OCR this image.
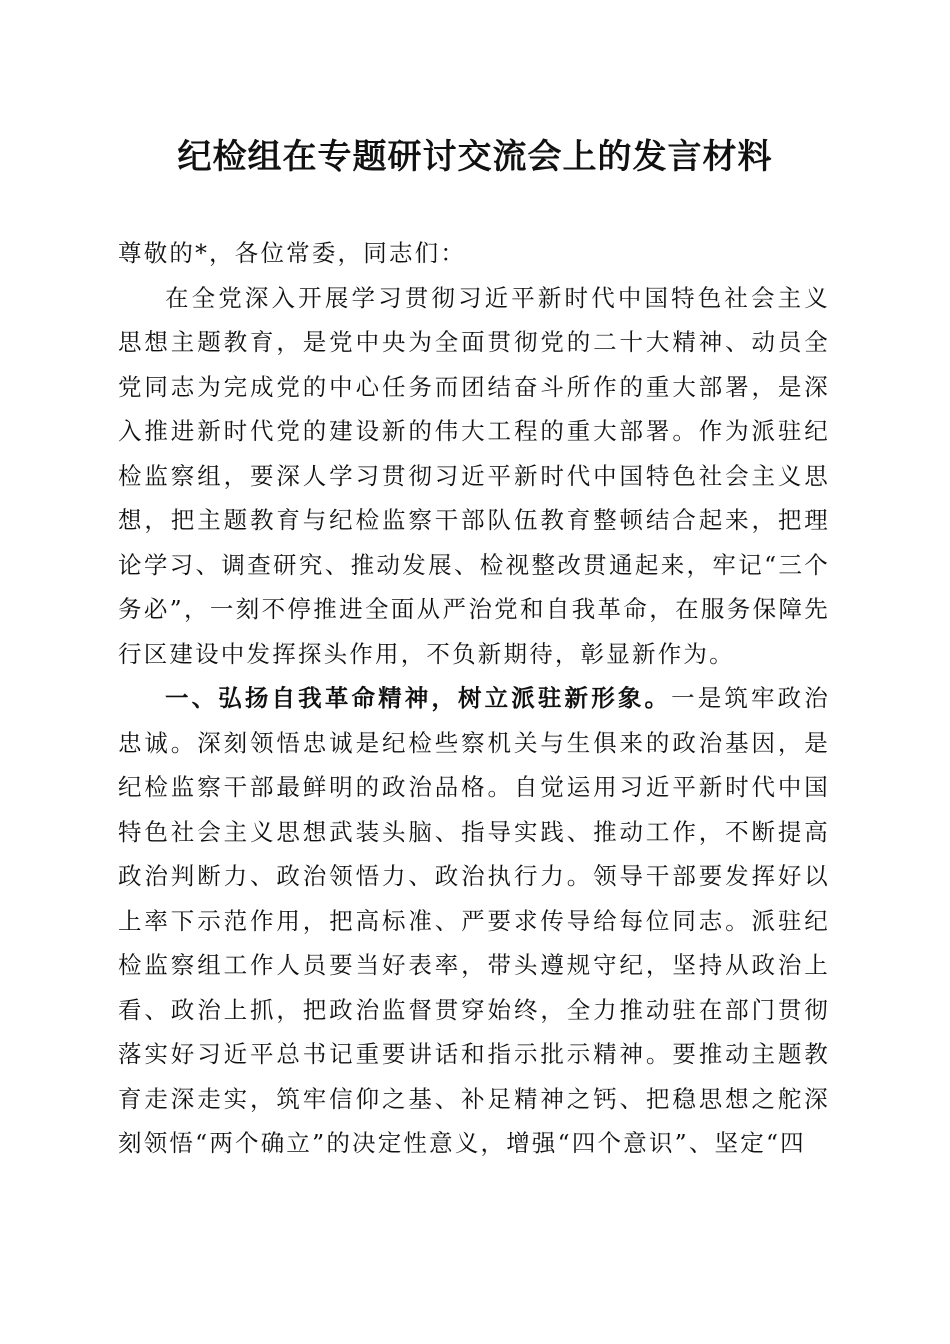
纪检组在专题研讨交流会上的发言材料

尊敬的*，各位常委，同志们：

在全党深入开展学习贯彻习近平新时代中国特色社会主义思想主题教育，是党中央为全面贯彻党的二十大精神、动员全党同志为完成党的中心任务而团结奋斗所作的重大部署，是深入推进新时代党的建设新的伟大工程的重大部署。作为派驻纪检监察组，要深人学习贯彻习近平新时代中国特色社会主义思想，把主题教育与纪检监察干部队伍教育整顿结合起来，把理论学习、调查研究、推动发展、检视整改贯通起来，牢记“三个务必”，一刻不停推进全面从严治党和自我革命，在服务保障先行区建设中发挥探头作用，不负新期待，彰显新作为。

一、弘扬自我革命精神，树立派驻新形象。一是筑牢政治忠诚。深刻领悟忠诚是纪检些察机关与生俱来的政治基因，是纪检监察干部最鲜明的政治品格。自觉运用习近平新时代中国特色社会主义思想武装头脑、指导实践、推动工作，不断提高政治判断力、政治领悟力、政治执行力。领导干部要发挥好以上率下示范作用，把高标准、严要求传导给每位同志。派驻纪检监察组工作人员要当好表率，带头遵规守纪，坚持从政治上看、政治上抓，把政治监督贯穿始终，全力推动驻在部门贯彻落实好习近平总书记重要讲话和指示批示精神。要推动主题教育走深走实，筑牢信仰之基、补足精神之钙、把稳思想之舵深刻领悟“两个确立”的决定性意义，增强“四个意识”、坚定“四
